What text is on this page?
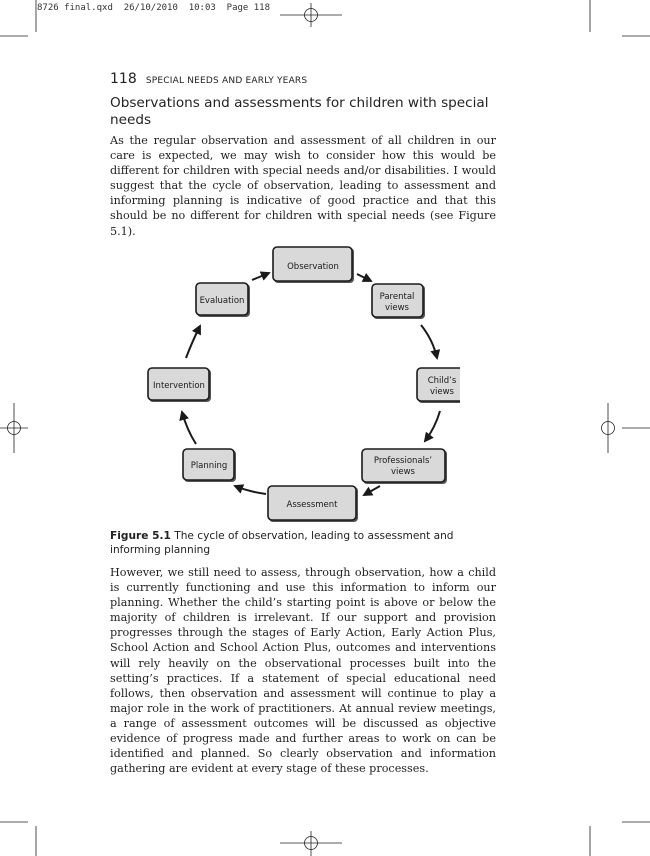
8726 final.qxd  26/10/2010  10:03  Page 118
118 SPECIAL NEEDS AND EARLY YEARS
Observations and assessments for children with special needs

As the regular observation and assessment of all children in our care is expected, we may wish to consider how this would be different for children with special needs and/or disabilities. I would suggest that the cycle of observation, leading to assessment and informing planning is indicative of good practice and that this should be no different for children with special needs (see Figure 5.1).

Observation
Parental
views
Child’s
views
Professionals’
views
Assessment
Planning
Intervention
Evaluation
Figure 5.1 The cycle of observation, leading to assessment and informing planning

However, we still need to assess, through observation, how a child is currently functioning and use this information to inform our planning. Whether the child’s starting point is above or below the majority of children is irrelevant. If our support and provision progresses through the stages of Early Action, Early Action Plus, School Action and School Action Plus, outcomes and interventions will rely heavily on the observational processes built into the setting’s practices. If a statement of special educational need follows, then observation and assessment will continue to play a major role in the work of practitioners. At annual review meetings, a range of assessment outcomes will be discussed as objective evidence of progress made and further areas to work on can be identified and planned. So clearly observation and information gathering are evident at every stage of these processes.
